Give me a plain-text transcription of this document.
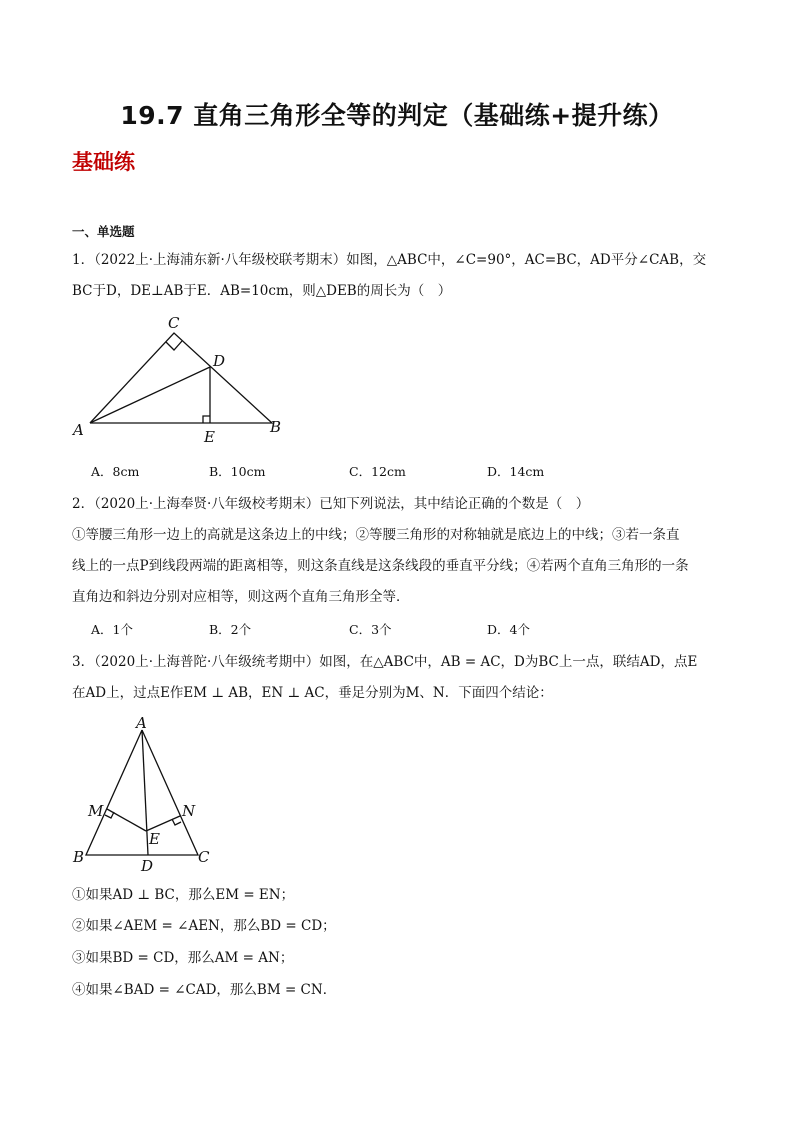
19.7 直角三角形全等的判定（基础练+提升练）
基础练
一、单选题
1．（2022上·上海浦东新·八年级校联考期末）如图，△ABC中，∠C=90°，AC=BC，AD平分∠CAB，交
BC于D，DE⊥AB于E．AB=10cm，则△DEB的周长为（　）
C
D
A	E
B
A．8cm	B．10cm	C．12cm	D．14cm
2．（2020上·上海奉贤·八年级校考期末）已知下列说法，其中结论正确的个数是（　）
①等腰三角形一边上的高就是这条边上的中线；②等腰三角形的对称轴就是底边上的中线；③若一条直
线上的一点P到线段两端的距离相等，则这条直线是这条线段的垂直平分线；④若两个直角三角形的一条
直角边和斜边分别对应相等，则这两个直角三角形全等．
A．1个	B．2个	C．3个	D．4个
3．（2020上·上海普陀·八年级统考期中）如图，在△ABC中，AB = AC，D为BC上一点，联结AD，点E
在AD上，过点E作EM ⊥ AB，EN ⊥ AC，垂足分别为M、N．下面四个结论：
A
M	N
E
B	D	C
①如果AD ⊥ BC，那么EM = EN；
②如果∠AEM = ∠AEN，那么BD = CD；
③如果BD = CD，那么AM = AN；
④如果∠BAD = ∠CAD，那么BM = CN．
